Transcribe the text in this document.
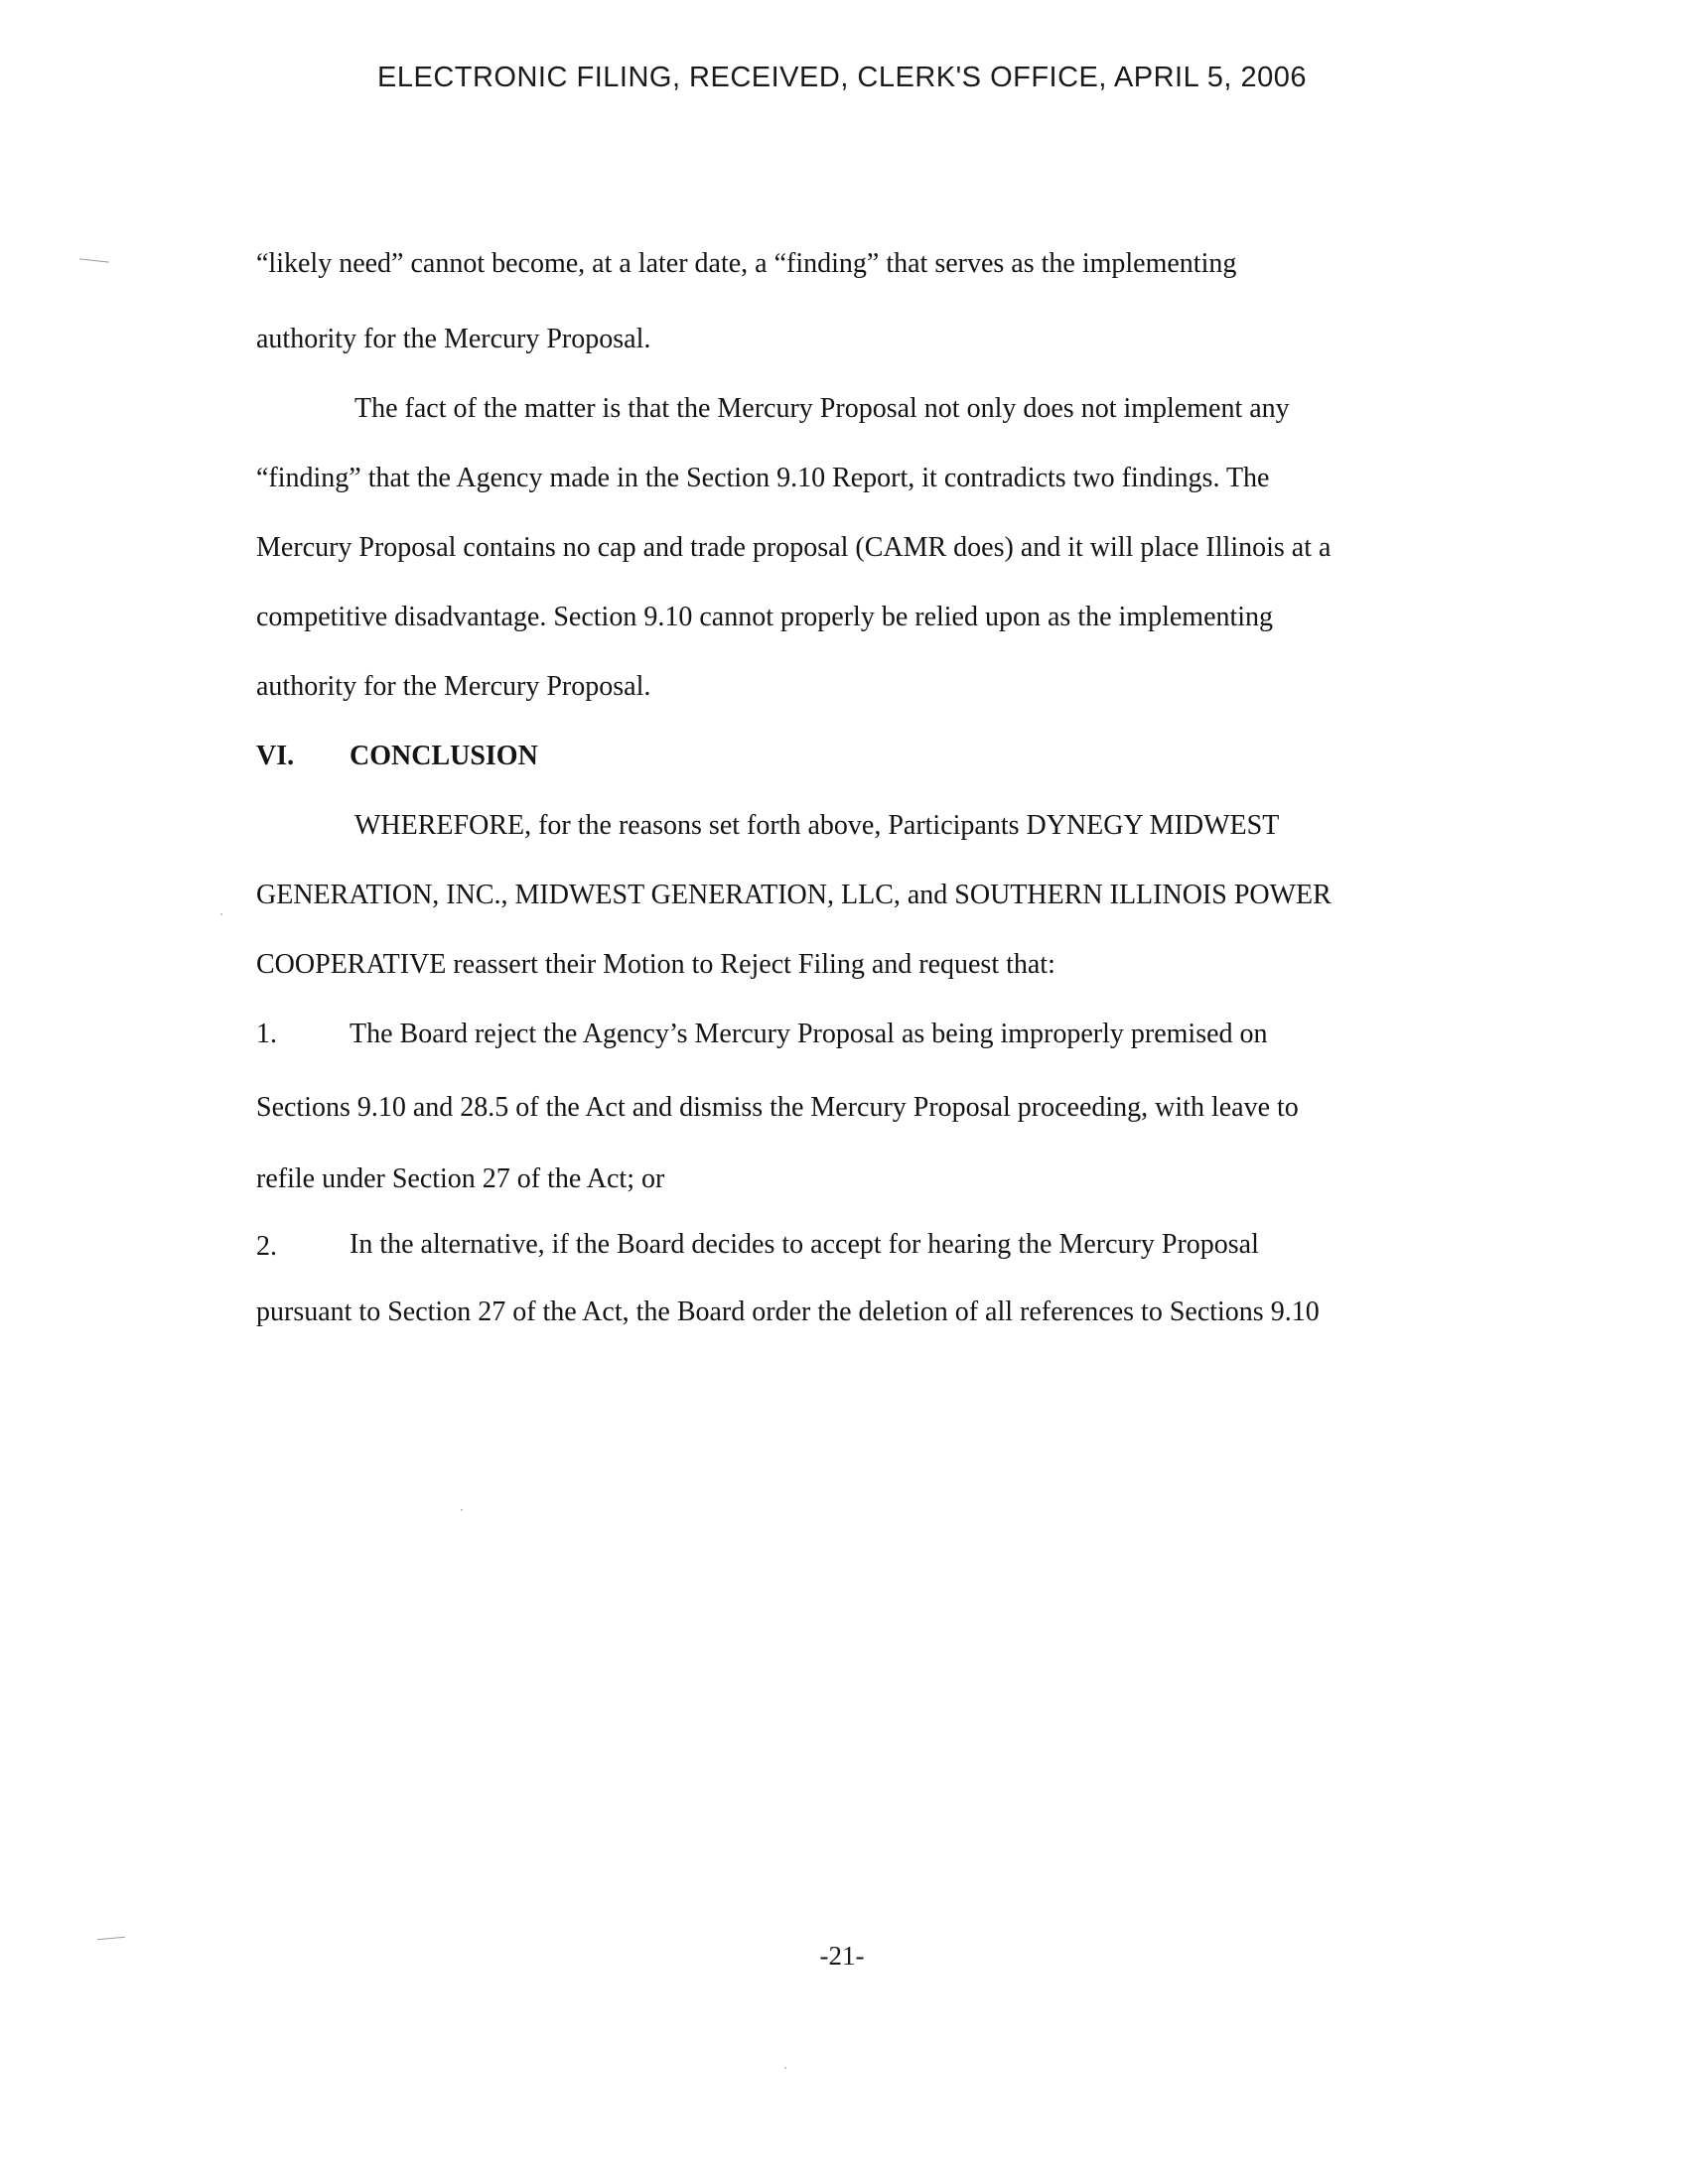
ELECTRONIC FILING, RECEIVED, CLERK'S OFFICE, APRIL 5, 2006
“likely need” cannot become, at a later date, a “finding” that serves as the implementing
authority for the Mercury Proposal.
The fact of the matter is that the Mercury Proposal not only does not implement any
“finding” that the Agency made in the Section 9.10 Report, it contradicts two findings. The
Mercury Proposal contains no cap and trade proposal (CAMR does) and it will place Illinois at a
competitive disadvantage. Section 9.10 cannot properly be relied upon as the implementing
authority for the Mercury Proposal.
VI. CONCLUSION
WHEREFORE, for the reasons set forth above, Participants DYNEGY MIDWEST
GENERATION, INC., MIDWEST GENERATION, LLC, and SOUTHERN ILLINOIS POWER
COOPERATIVE reassert their Motion to Reject Filing and request that:
1.	The Board reject the Agency’s Mercury Proposal as being improperly premised on
Sections 9.10 and 28.5 of the Act and dismiss the Mercury Proposal proceeding, with leave to
refile under Section 27 of the Act; or
2.	In the alternative, if the Board decides to accept for hearing the Mercury Proposal
pursuant to Section 27 of the Act, the Board order the deletion of all references to Sections 9.10
-21-
